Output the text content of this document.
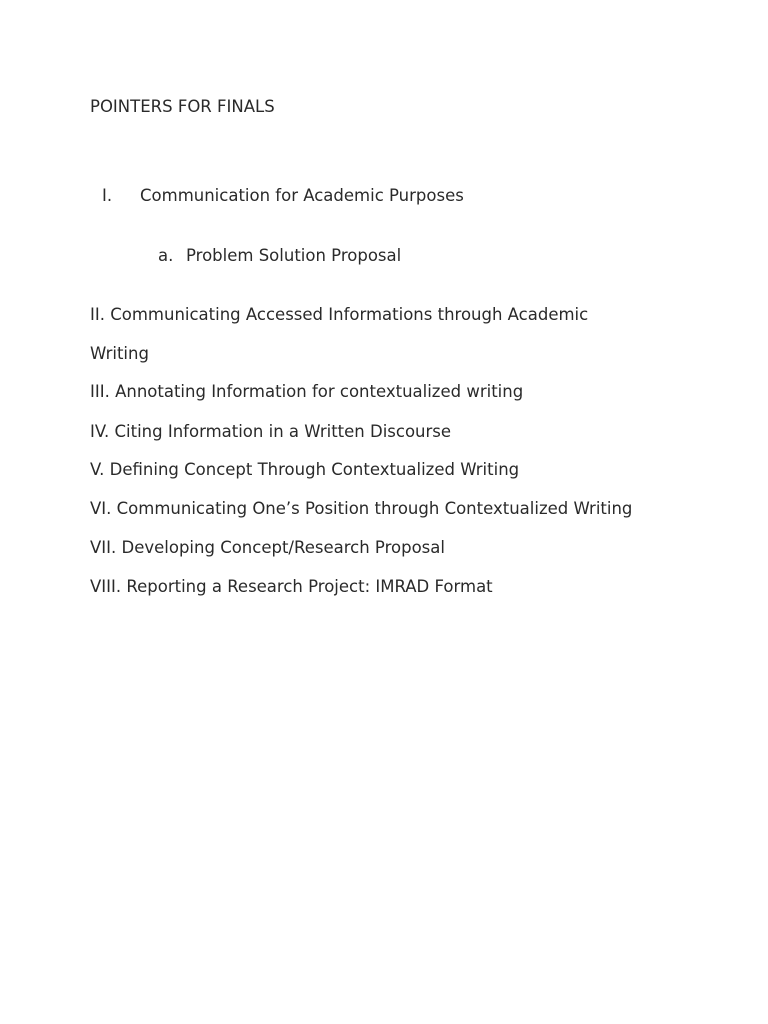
POINTERS FOR FINALS
I. Communication for Academic Purposes
a. Problem Solution Proposal
II. Communicating Accessed Informations through Academic
Writing
III. Annotating Information for contextualized writing
IV. Citing Information in a Written Discourse
V. Defining Concept Through Contextualized Writing
VI. Communicating One’s Position through Contextualized Writing
VII. Developing Concept/Research Proposal
VIII. Reporting a Research Project: IMRAD Format
